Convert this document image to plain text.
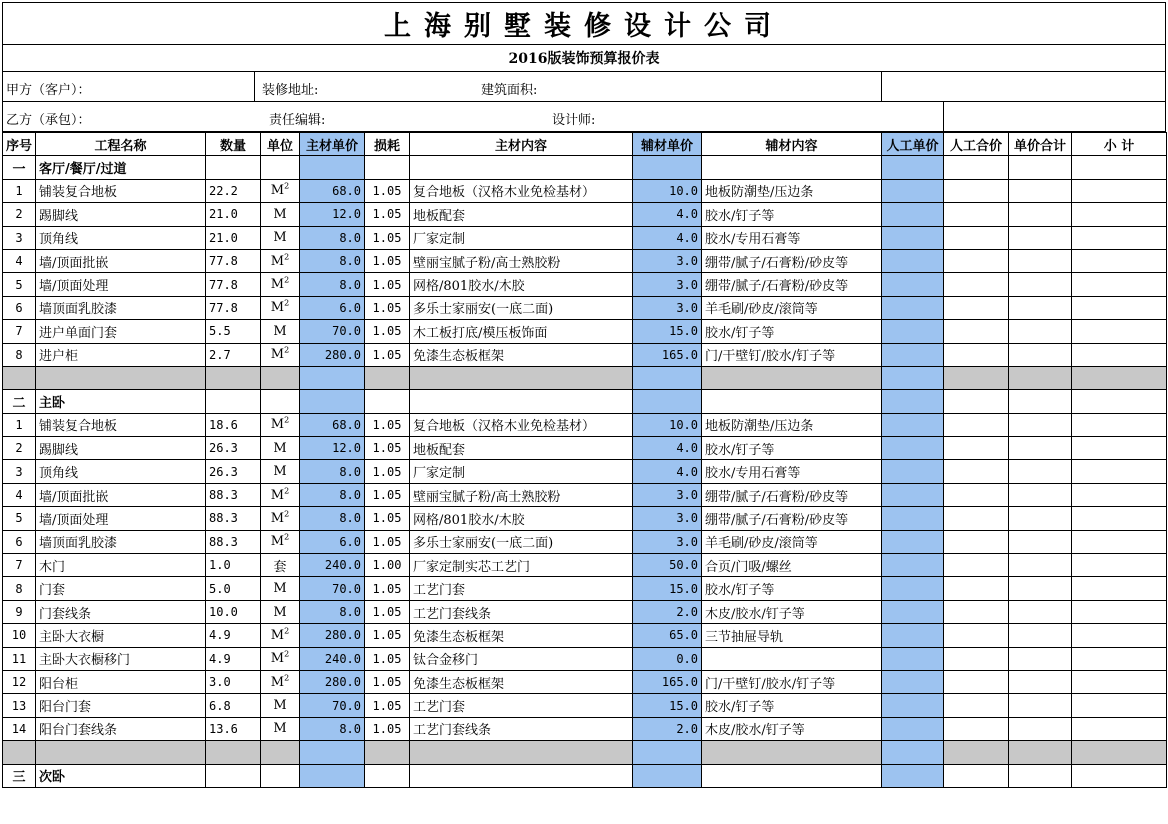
上海别墅装修设计公司
2016版装饰预算报价表
甲方（客户）：	装修地址:	建筑面积:
乙方（承包）：	责任编辑:	设计师:
序号	工程名称	数量	单位	主材单价	损耗	主材内容	辅材单价	辅材内容	人工单价	人工合价	单价合计	小 计
一	客厅/餐厅/过道											
1	铺装复合地板	22.2	$M^2$	68.0	1.05	复合地板（汉格木业免检基材）	10.0	地板防潮垫/压边条				
2	踢脚线	21.0	M	12.0	1.05	地板配套	4.0	胶水/钉子等				
3	顶角线	21.0	M	8.0	1.05	厂家定制	4.0	胶水/专用石膏等				
4	墙/顶面批嵌	77.8	$M^2$	8.0	1.05	壁丽宝腻子粉/高士熟胶粉	3.0	绷带/腻子/石膏粉/砂皮等				
5	墙/顶面处理	77.8	$M^2$	8.0	1.05	网格/801胶水/木胶	3.0	绷带/腻子/石膏粉/砂皮等				
6	墙顶面乳胶漆	77.8	$M^2$	6.0	1.05	多乐士家丽安(一底二面)	3.0	羊毛刷/砂皮/滚筒等				
7	进户单面门套	5.5	M	70.0	1.05	木工板打底/模压板饰面	15.0	胶水/钉子等				
8	进户柜	2.7	$M^2$	280.0	1.05	免漆生态板框架	165.0	门/干壁钉/胶水/钉子等				

二	主卧											
1	铺装复合地板	18.6	$M^2$	68.0	1.05	复合地板（汉格木业免检基材）	10.0	地板防潮垫/压边条				
2	踢脚线	26.3	M	12.0	1.05	地板配套	4.0	胶水/钉子等				
3	顶角线	26.3	M	8.0	1.05	厂家定制	4.0	胶水/专用石膏等				
4	墙/顶面批嵌	88.3	$M^2$	8.0	1.05	壁丽宝腻子粉/高士熟胶粉	3.0	绷带/腻子/石膏粉/砂皮等				
5	墙/顶面处理	88.3	$M^2$	8.0	1.05	网格/801胶水/木胶	3.0	绷带/腻子/石膏粉/砂皮等				
6	墙顶面乳胶漆	88.3	$M^2$	6.0	1.05	多乐士家丽安(一底二面)	3.0	羊毛刷/砂皮/滚筒等				
7	木门	1.0	套	240.0	1.00	厂家定制实芯工艺门	50.0	合页/门吸/螺丝				
8	门套	5.0	M	70.0	1.05	工艺门套	15.0	胶水/钉子等				
9	门套线条	10.0	M	8.0	1.05	工艺门套线条	2.0	木皮/胶水/钉子等				
10	主卧大衣橱	4.9	$M^2$	280.0	1.05	免漆生态板框架	65.0	三节抽屉导轨				
11	主卧大衣橱移门	4.9	$M^2$	240.0	1.05	钛合金移门	0.0					
12	阳台柜	3.0	$M^2$	280.0	1.05	免漆生态板框架	165.0	门/干壁钉/胶水/钉子等				
13	阳台门套	6.8	M	70.0	1.05	工艺门套	15.0	胶水/钉子等				
14	阳台门套线条	13.6	M	8.0	1.05	工艺门套线条	2.0	木皮/胶水/钉子等				

三	次卧											
